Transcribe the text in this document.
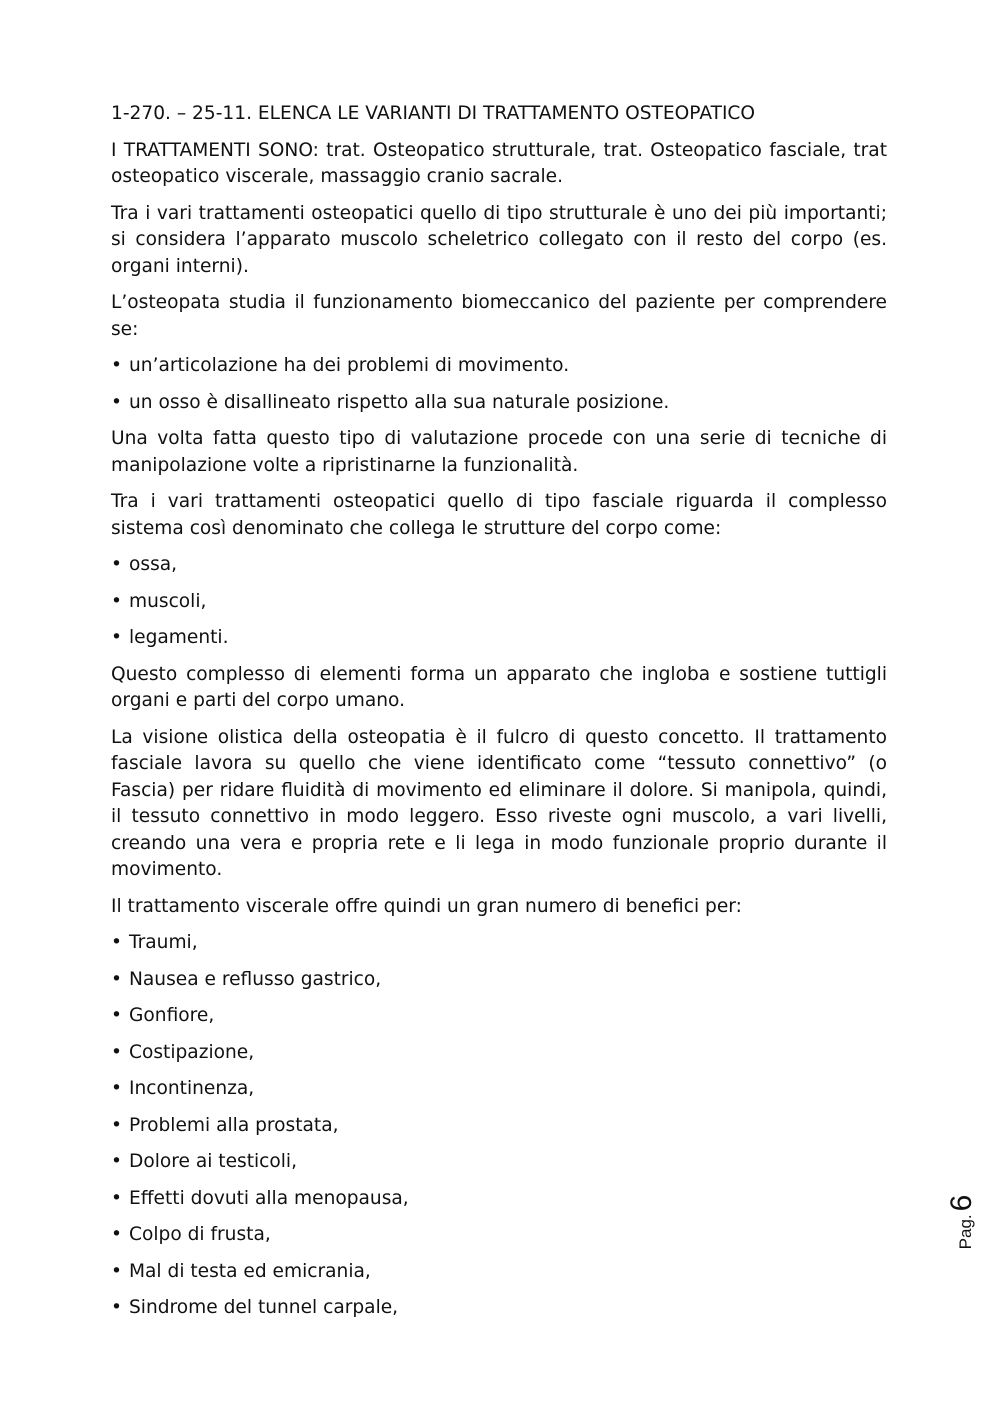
1-270. – 25-11. ELENCA LE VARIANTI DI TRATTAMENTO OSTEOPATICO

I TRATTAMENTI SONO: trat. Osteopatico strutturale, trat. Osteopatico fasciale, trat osteopatico viscerale, massaggio cranio sacrale.

Tra i vari trattamenti osteopatici quello di tipo strutturale è uno dei più importanti; si considera l’apparato muscolo scheletrico collegato con il resto del corpo (es. organi interni).

L’osteopata studia il funzionamento biomeccanico del paziente per comprendere se:

• un’articolazione ha dei problemi di movimento.
• un osso è disallineato rispetto alla sua naturale posizione.

Una volta fatta questo tipo di valutazione procede con una serie di tecniche di manipolazione volte a ripristinarne la funzionalità.

Tra i vari trattamenti osteopatici quello di tipo fasciale riguarda il complesso sistema così denominato che collega le strutture del corpo come:

• ossa,
• muscoli,
• legamenti.

Questo complesso di elementi forma un apparato che ingloba e sostiene tuttigli organi e parti del corpo umano.

La visione olistica della osteopatia è il fulcro di questo concetto. Il trattamento fasciale lavora su quello che viene identificato come “tessuto connettivo” (o Fascia) per ridare fluidità di movimento ed eliminare il dolore. Si manipola, quindi, il tessuto connettivo in modo leggero. Esso riveste ogni muscolo, a vari livelli, creando una vera e propria rete e li lega in modo funzionale proprio durante il movimento.

Il trattamento viscerale offre quindi un gran numero di benefici per:

• Traumi,
• Nausea e reflusso gastrico,
• Gonfiore,
• Costipazione,
• Incontinenza,
• Problemi alla prostata,
• Dolore ai testicoli,
• Effetti dovuti alla menopausa,
• Colpo di frusta,
• Mal di testa ed emicrania,
• Sindrome del tunnel carpale,
Pag.
6
